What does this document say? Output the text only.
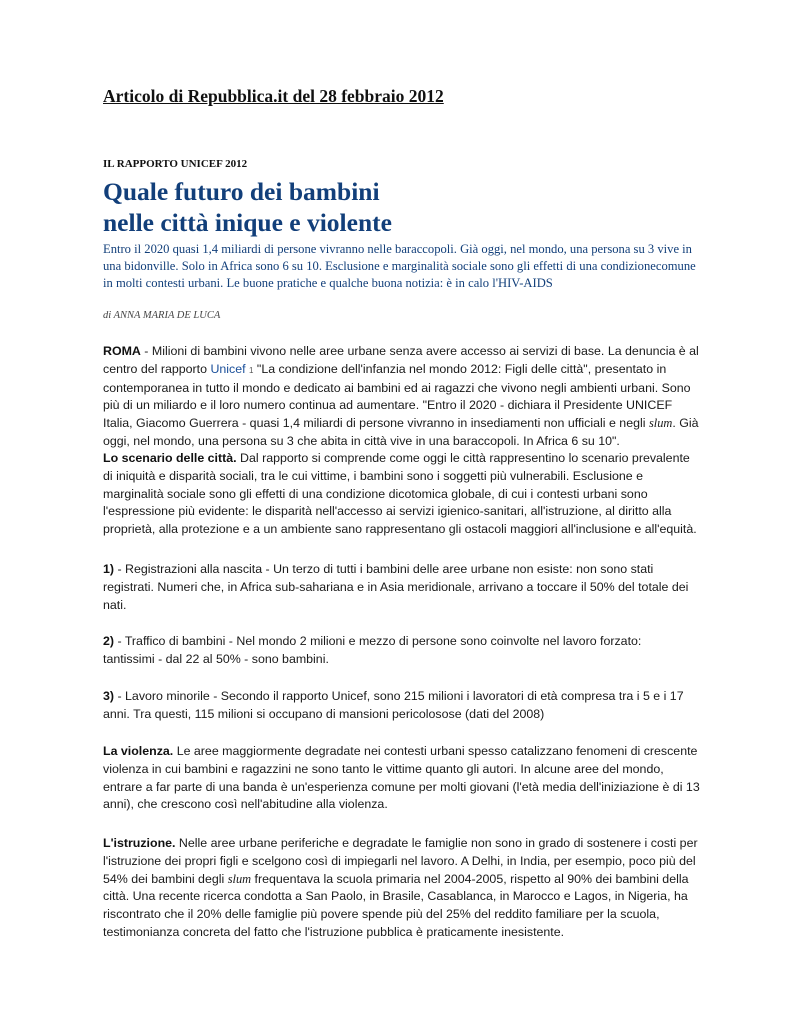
Articolo di Repubblica.it del 28 febbraio 2012
IL RAPPORTO UNICEF 2012
Quale futuro dei bambini
nelle città inique e violente
Entro il 2020 quasi 1,4 miliardi di persone vivranno nelle baraccopoli. Già oggi, nel mondo, una persona su 3 vive in
una bidonville. Solo in Africa sono 6 su 10. Esclusione e marginalità sociale sono gli effetti di una condizionecomune
in molti contesti urbani. Le buone pratiche e qualche buona notizia: è in calo l'HIV-AIDS
di ANNA MARIA DE LUCA
ROMA - Milioni di bambini vivono nelle aree urbane senza avere accesso ai servizi di base. La denuncia è al
centro del rapporto Unicef 1 "La condizione dell'infanzia nel mondo 2012: Figli delle città", presentato in
contemporanea in tutto il mondo e dedicato ai bambini ed ai ragazzi che vivono negli ambienti urbani. Sono
più di un miliardo e il loro numero continua ad aumentare. "Entro il 2020 - dichiara il Presidente UNICEF
Italia, Giacomo Guerrera - quasi 1,4 miliardi di persone vivranno in insediamenti non ufficiali e negli slum. Già
oggi, nel mondo, una persona su 3 che abita in città vive in una baraccopoli. In Africa 6 su 10".
Lo scenario delle città. Dal rapporto si comprende come oggi le città rappresentino lo scenario prevalente
di iniquità e disparità sociali, tra le cui vittime, i bambini sono i soggetti più vulnerabili. Esclusione e
marginalità sociale sono gli effetti di una condizione dicotomica globale, di cui i contesti urbani sono
l'espressione più evidente: le disparità nell'accesso ai servizi igienico-sanitari, all'istruzione, al diritto alla
proprietà, alla protezione e a un ambiente sano rappresentano gli ostacoli maggiori all'inclusione e all'equità.
1) - Registrazioni alla nascita - Un terzo di tutti i bambini delle aree urbane non esiste: non sono stati
registrati. Numeri che, in Africa sub-sahariana e in Asia meridionale, arrivano a toccare il 50% del totale dei
nati.
2) - Traffico di bambini - Nel mondo 2 milioni e mezzo di persone sono coinvolte nel lavoro forzato:
tantissimi - dal 22 al 50% - sono bambini.
3) - Lavoro minorile - Secondo il rapporto Unicef, sono 215 milioni i lavoratori di età compresa tra i 5 e i 17
anni. Tra questi, 115 milioni si occupano di mansioni pericolosose (dati del 2008)
La violenza. Le aree maggiormente degradate nei contesti urbani spesso catalizzano fenomeni di crescente
violenza in cui bambini e ragazzini ne sono tanto le vittime quanto gli autori. In alcune aree del mondo,
entrare a far parte di una banda è un'esperienza comune per molti giovani (l'età media dell'iniziazione è di 13
anni), che crescono così nell'abitudine alla violenza.
L'istruzione. Nelle aree urbane periferiche e degradate le famiglie non sono in grado di sostenere i costi per
l'istruzione dei propri figli e scelgono così di impiegarli nel lavoro. A Delhi, in India, per esempio, poco più del
54% dei bambini degli slum frequentava la scuola primaria nel 2004-2005, rispetto al 90% dei bambini della
città. Una recente ricerca condotta a San Paolo, in Brasile, Casablanca, in Marocco e Lagos, in Nigeria, ha
riscontrato che il 20% delle famiglie più povere spende più del 25% del reddito familiare per la scuola,
testimonianza concreta del fatto che l'istruzione pubblica è praticamente inesistente.
